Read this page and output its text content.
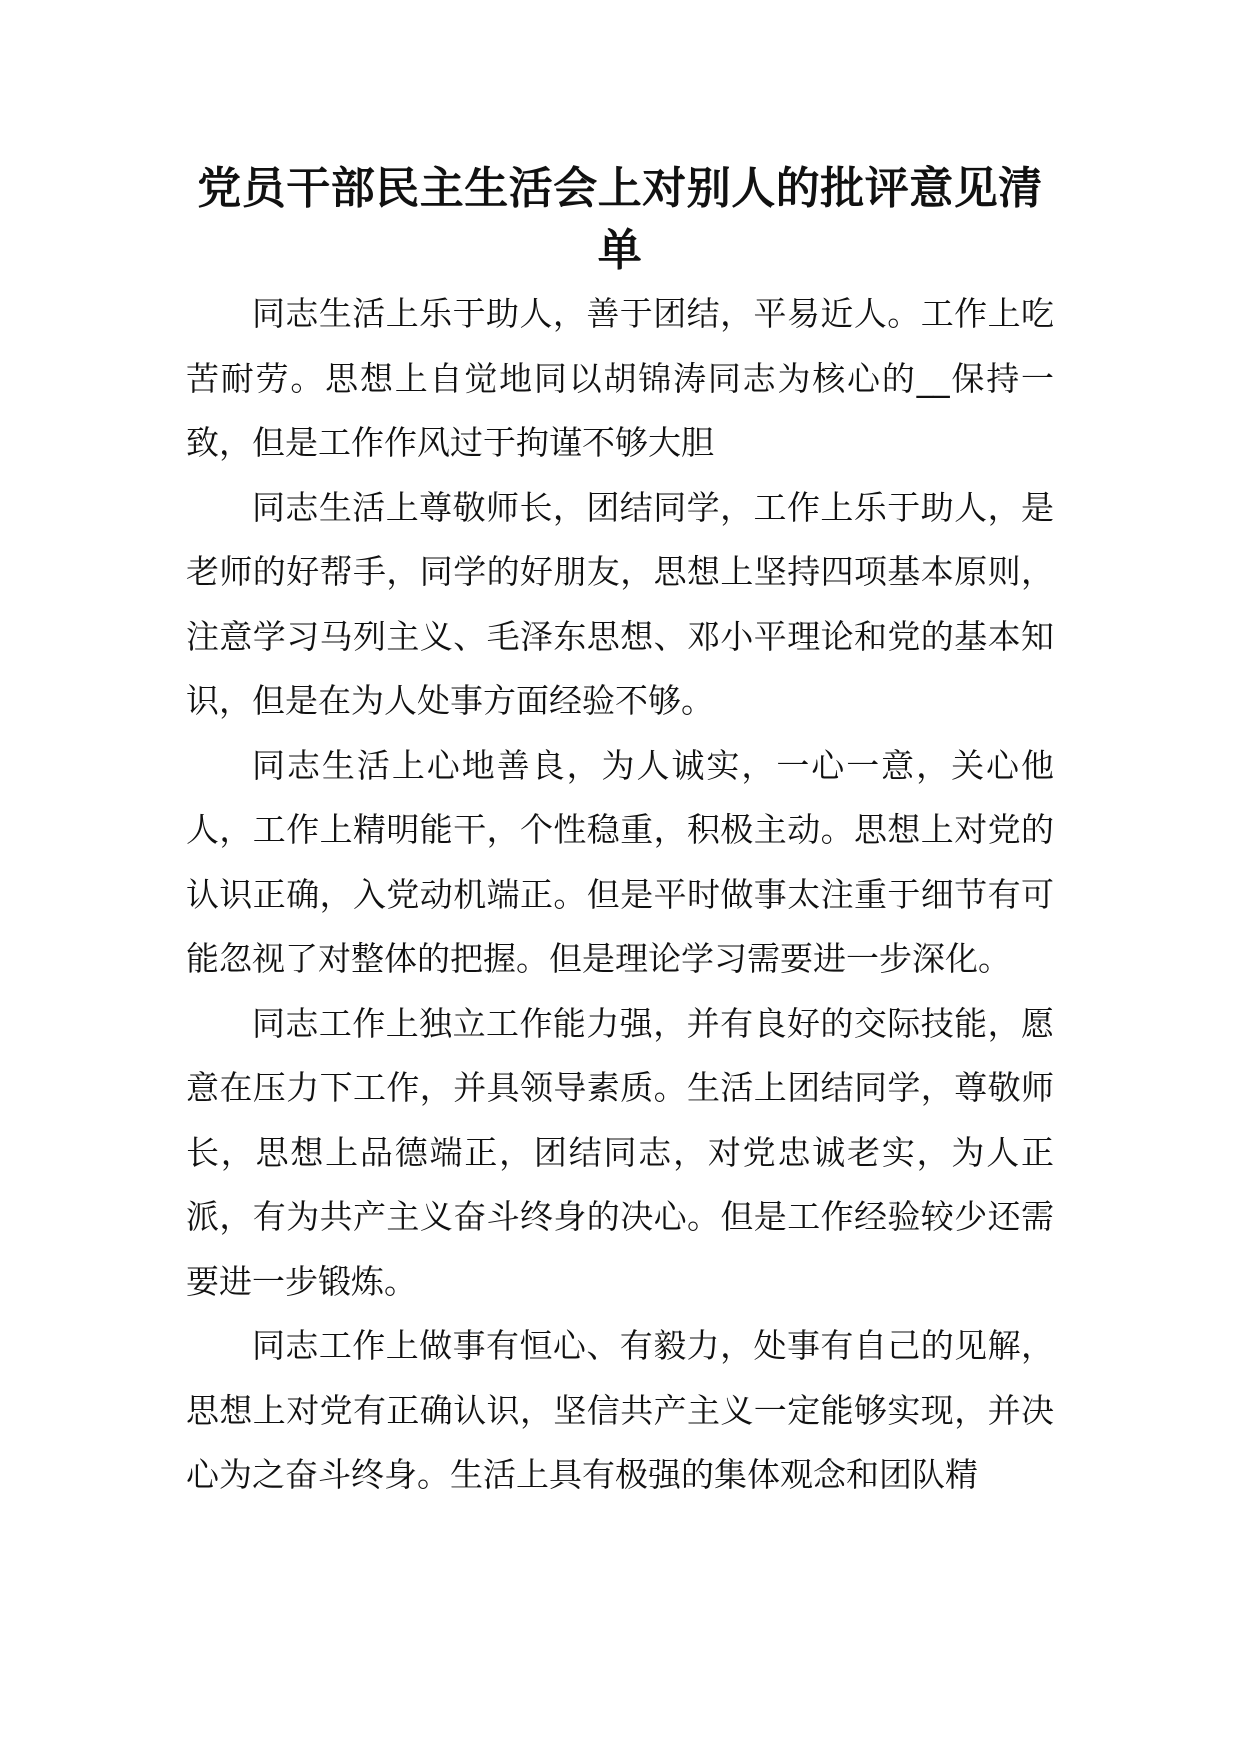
党员干部民主生活会上对别人的批评意见清单

同志生活上乐于助人，善于团结，平易近人。工作上吃苦耐劳。思想上自觉地同以胡锦涛同志为核心的__保持一致，但是工作作风过于拘谨不够大胆

同志生活上尊敬师长，团结同学，工作上乐于助人，是老师的好帮手，同学的好朋友，思想上坚持四项基本原则，注意学习马列主义、毛泽东思想、邓小平理论和党的基本知识，但是在为人处事方面经验不够。

同志生活上心地善良，为人诚实，一心一意，关心他人，工作上精明能干，个性稳重，积极主动。思想上对党的认识正确，入党动机端正。但是平时做事太注重于细节有可能忽视了对整体的把握。但是理论学习需要进一步深化。

同志工作上独立工作能力强，并有良好的交际技能，愿意在压力下工作，并具领导素质。生活上团结同学，尊敬师长，思想上品德端正，团结同志，对党忠诚老实，为人正派，有为共产主义奋斗终身的决心。但是工作经验较少还需要进一步锻炼。

同志工作上做事有恒心、有毅力，处事有自己的见解，思想上对党有正确认识，坚信共产主义一定能够实现，并决心为之奋斗终身。生活上具有极强的集体观念和团队精
